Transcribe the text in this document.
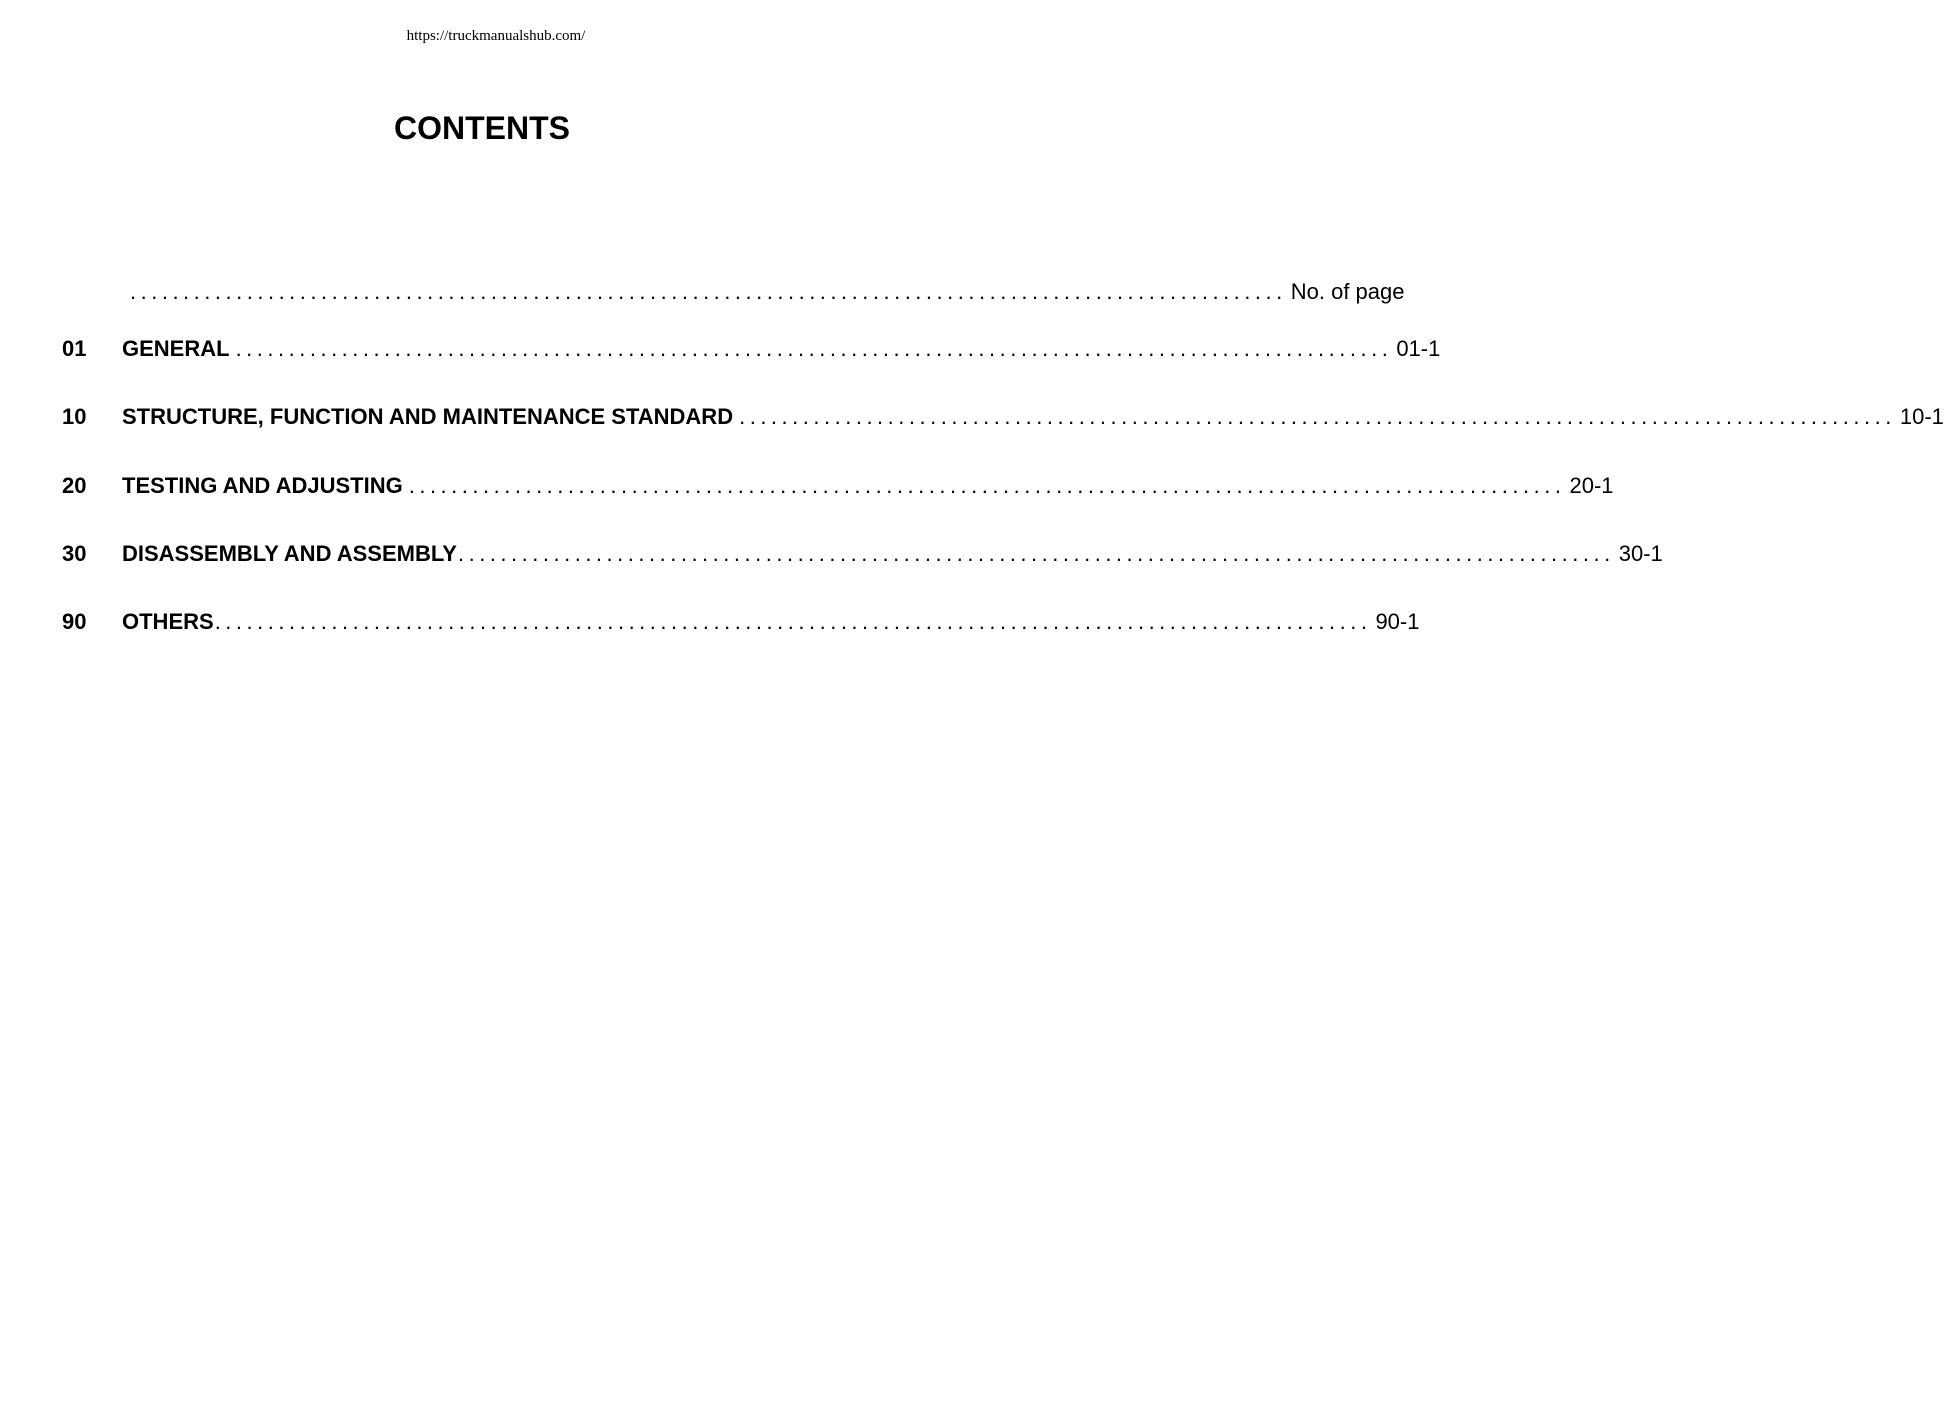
https://truckmanualshub.com/
CONTENTS
............................................................................................................. No. of page
01	GENERAL ............................................................................................................. 01-1
10	STRUCTURE, FUNCTION AND MAINTENANCE STANDARD ............................................................................................................. 10-1
20	TESTING AND ADJUSTING ............................................................................................................. 20-1
30	DISASSEMBLY AND ASSEMBLY ............................................................................................................. 30-1
90	OTHERS ............................................................................................................. 90-1
